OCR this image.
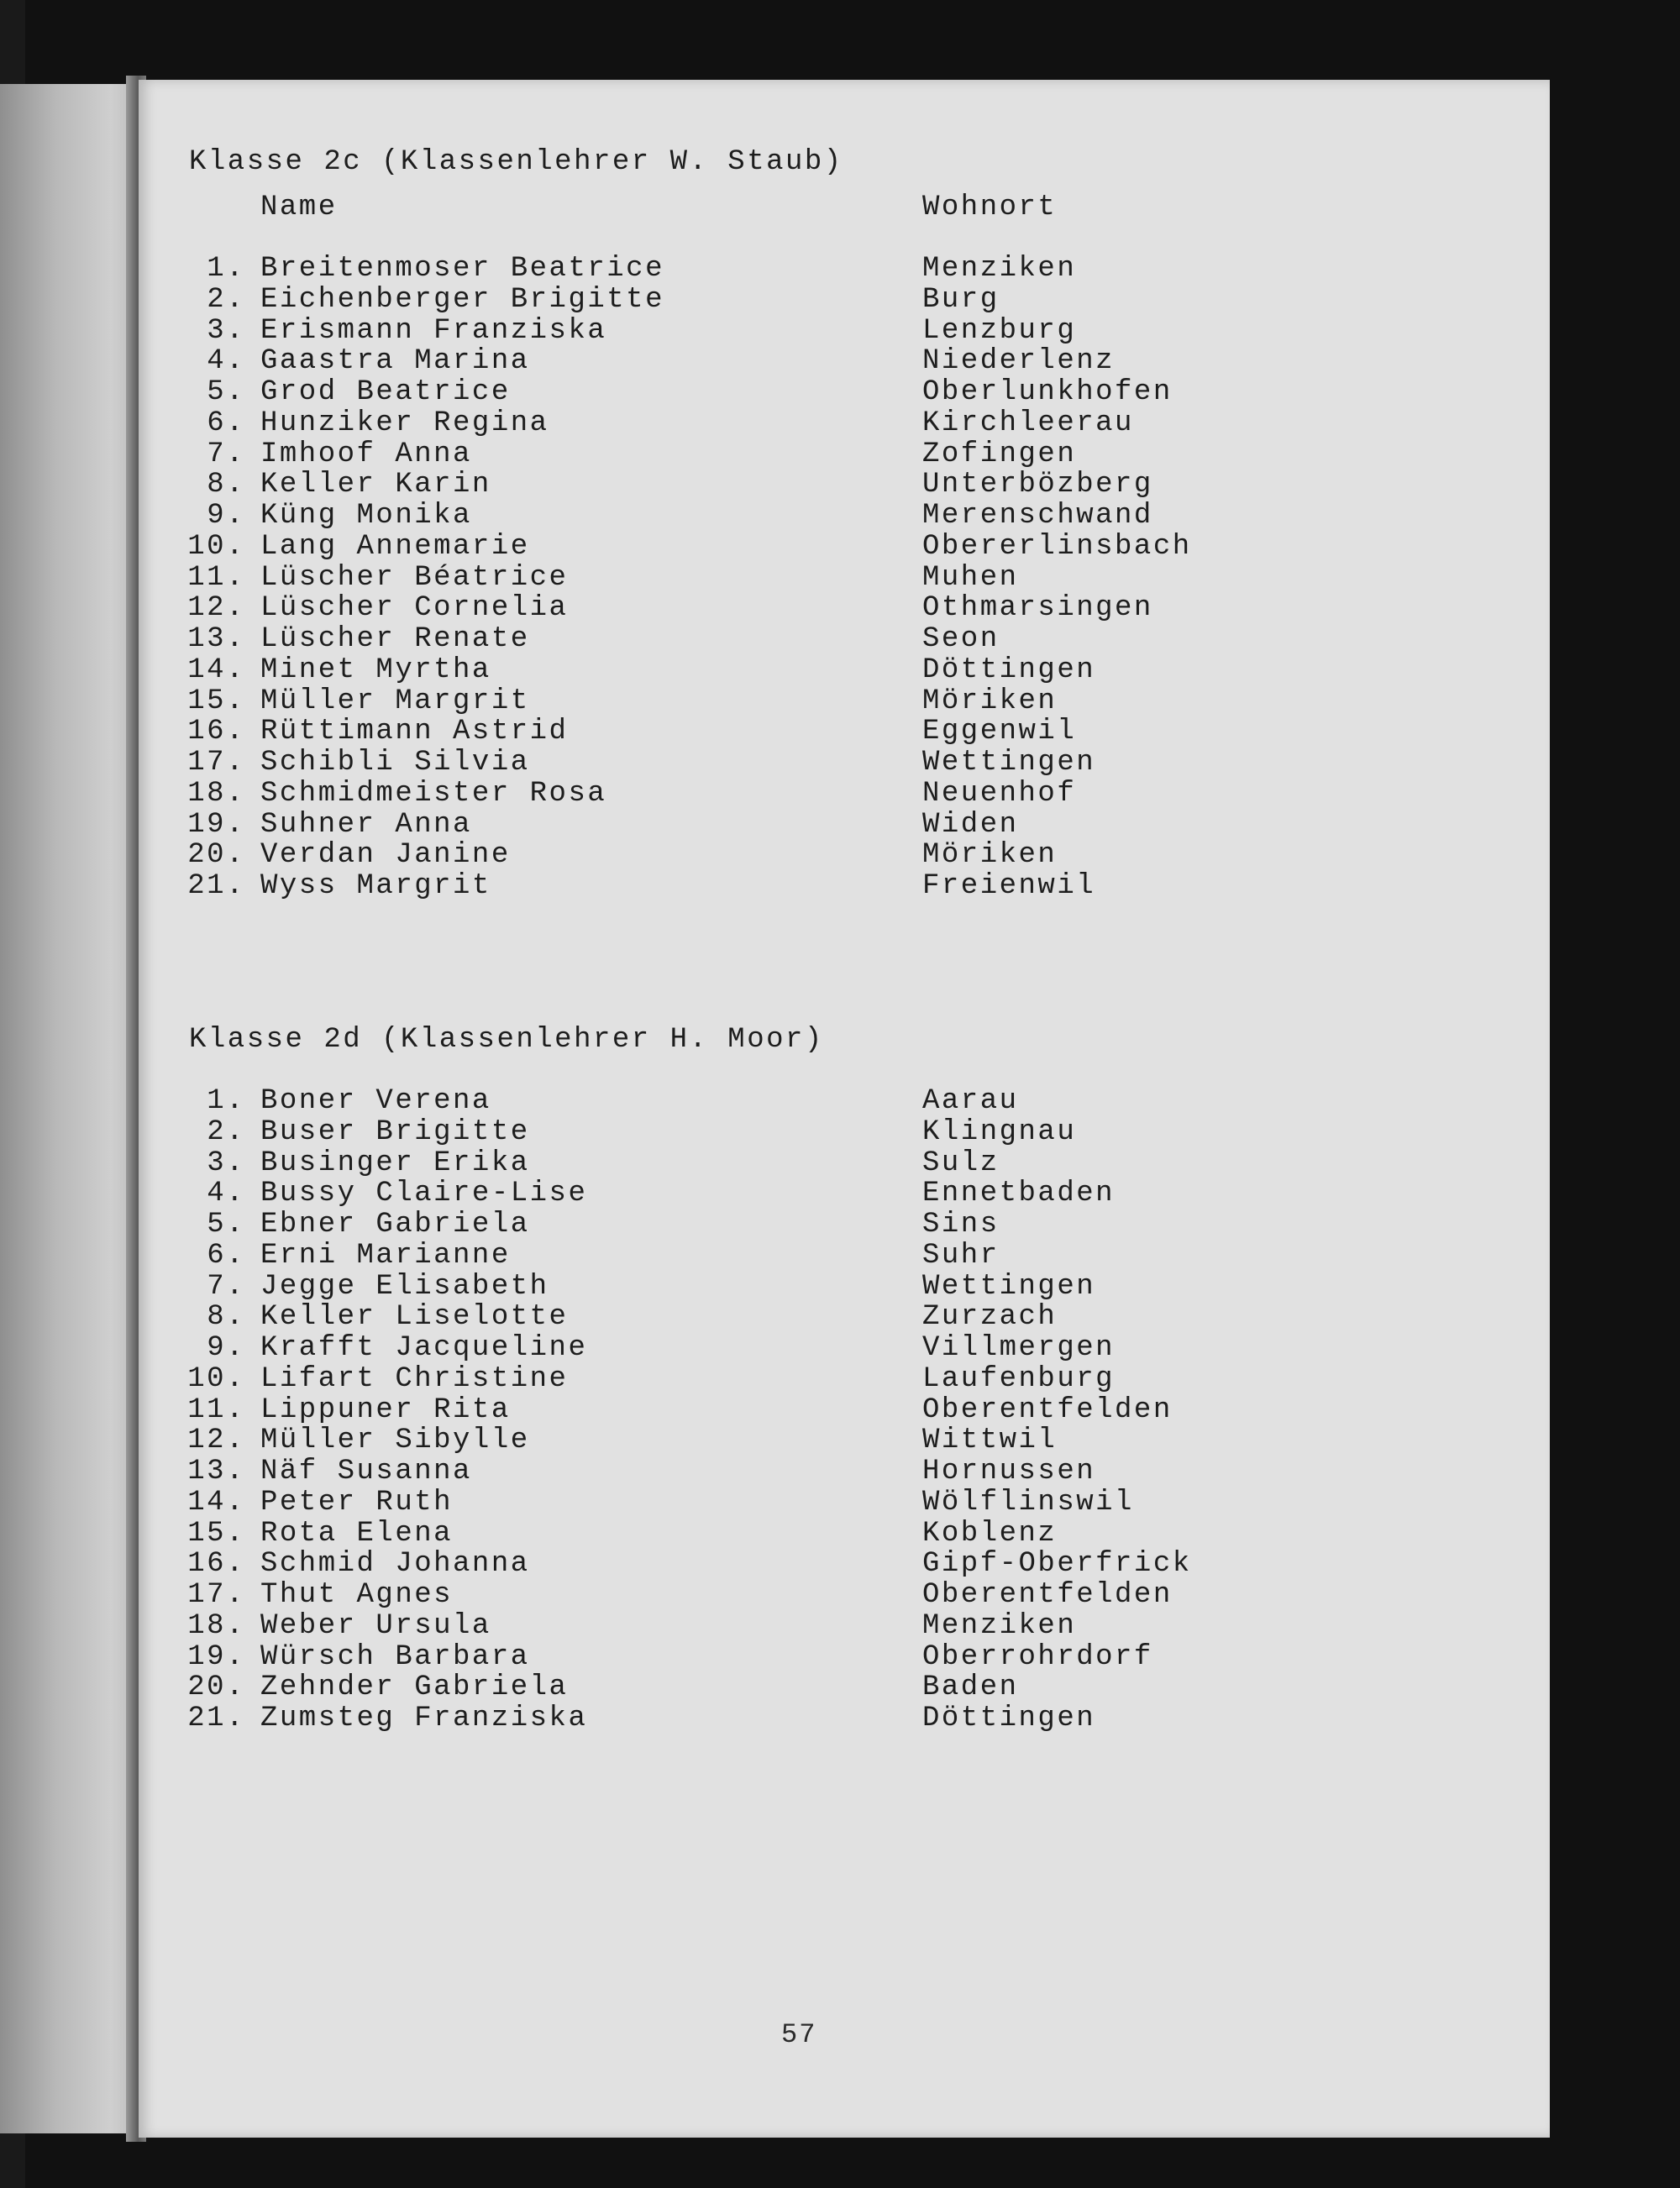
Klasse 2c (Klassenlehrer W. Staub)
Name	Wohnort
1. Breitenmoser Beatrice	Menziken
2. Eichenberger Brigitte	Burg
3. Erismann Franziska	Lenzburg
4. Gaastra Marina	Niederlenz
5. Grod Beatrice	Oberlunkhofen
6. Hunziker Regina	Kirchleerau
7. Imhoof Anna	Zofingen
8. Keller Karin	Unterbözberg
9. Küng Monika	Merenschwand
10. Lang Annemarie	Obererlinsbach
11. Lüscher Béatrice	Muhen
12. Lüscher Cornelia	Othmarsingen
13. Lüscher Renate	Seon
14. Minet Myrtha	Döttingen
15. Müller Margrit	Möriken
16. Rüttimann Astrid	Eggenwil
17. Schibli Silvia	Wettingen
18. Schmidmeister Rosa	Neuenhof
19. Suhner Anna	Widen
20. Verdan Janine	Möriken
21. Wyss Margrit	Freienwil
Klasse 2d (Klassenlehrer H. Moor)
1. Boner Verena	Aarau
2. Buser Brigitte	Klingnau
3. Businger Erika	Sulz
4. Bussy Claire-Lise	Ennetbaden
5. Ebner Gabriela	Sins
6. Erni Marianne	Suhr
7. Jegge Elisabeth	Wettingen
8. Keller Liselotte	Zurzach
9. Krafft Jacqueline	Villmergen
10. Lifart Christine	Laufenburg
11. Lippuner Rita	Oberentfelden
12. Müller Sibylle	Wittwil
13. Näf Susanna	Hornussen
14. Peter Ruth	Wölflinswil
15. Rota Elena	Koblenz
16. Schmid Johanna	Gipf-Oberfrick
17. Thut Agnes	Oberentfelden
18. Weber Ursula	Menziken
19. Würsch Barbara	Oberrohrdorf
20. Zehnder Gabriela	Baden
21. Zumsteg Franziska	Döttingen
57
